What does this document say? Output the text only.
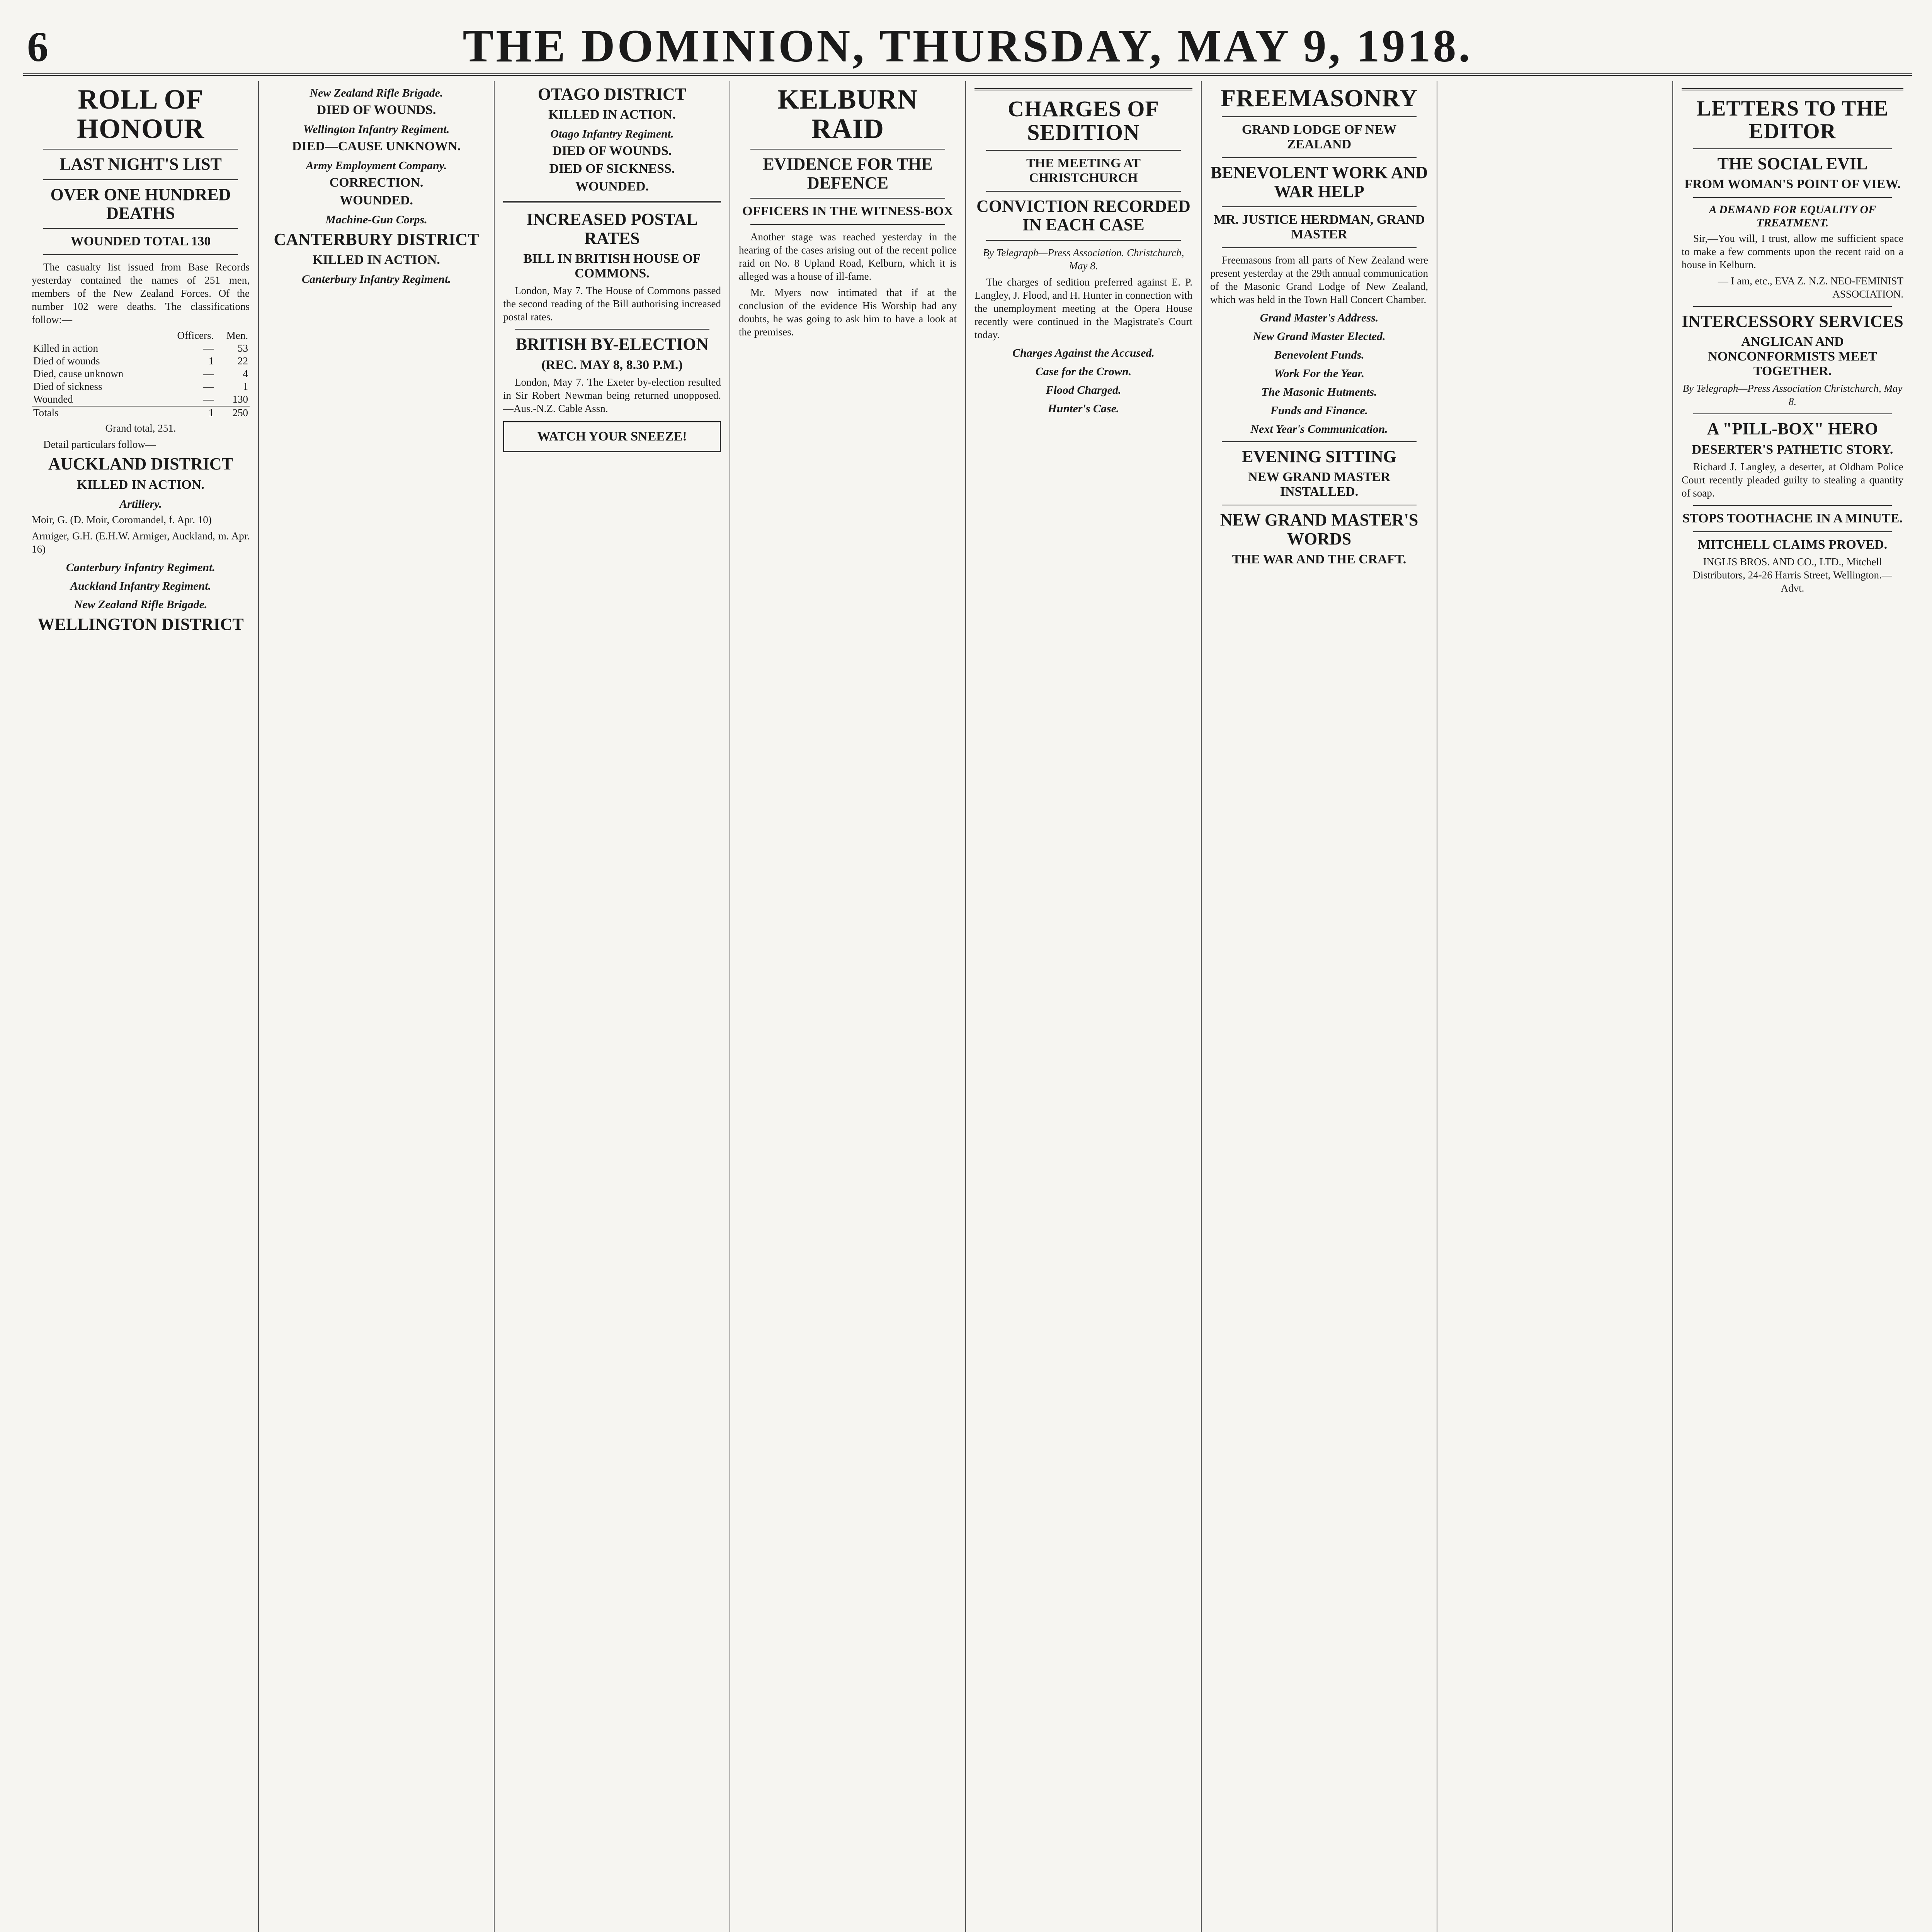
6	THE DOMINION, THURSDAY, MAY 9, 1918.
ROLL OF HONOUR
LAST NIGHT'S LIST
OVER ONE HUNDRED DEATHS
WOUNDED TOTAL 130

The casualty list issued from Base Records yesterday contained the names of 251 men, members of the New Zealand Forces. Of the number 102 were deaths. The classifications follow:—

	Officers.	Men.
Killed in action	—	53
Died of wounds	1	22
Died, cause unknown	—	4
Died of sickness	—	1
Wounded	—	130
Totals	1	250

Grand total, 251.

Detail particulars follow—

AUCKLAND DISTRICT
KILLED IN ACTION.
Artillery.

Moir, G. (D. Moir, Coromandel, f. Apr. 10)

Armiger, G.H. (E.H.W. Armiger, Auckland, m. Apr. 16)

Canterbury Infantry Regiment.
Auckland Infantry Regiment.
New Zealand Rifle Brigade.
WELLINGTON DISTRICT
New Zealand Rifle Brigade.
DIED OF WOUNDS.
Wellington Infantry Regiment.
DIED—CAUSE UNKNOWN.
Army Employment Company.
CORRECTION.
WOUNDED.
Machine-Gun Corps.
CANTERBURY DISTRICT
KILLED IN ACTION.
Canterbury Infantry Regiment.
OTAGO DISTRICT
KILLED IN ACTION.
Otago Infantry Regiment.
DIED OF WOUNDS.
DIED OF SICKNESS.
WOUNDED.
INCREASED POSTAL RATES
BILL IN BRITISH HOUSE OF COMMONS.

London, May 7. The House of Commons passed the second reading of the Bill authorising increased postal rates.

BRITISH BY-ELECTION
(REC. MAY 8, 8.30 P.M.)

London, May 7. The Exeter by-election resulted in Sir Robert Newman being returned unopposed.—Aus.-N.Z. Cable Assn.

WATCH YOUR SNEEZE!
KELBURN RAID
EVIDENCE FOR THE DEFENCE
OFFICERS IN THE WITNESS-BOX

Another stage was reached yesterday in the hearing of the cases arising out of the recent police raid on No. 8 Upland Road, Kelburn, which it is alleged was a house of ill-fame.

Mr. Myers now intimated that if at the conclusion of the evidence His Worship had any doubts, he was going to ask him to have a look at the premises.

CHARGES OF SEDITION
THE MEETING AT CHRISTCHURCH
CONVICTION RECORDED IN EACH CASE

By Telegraph—Press Association. Christchurch, May 8.

The charges of sedition preferred against E. P. Langley, J. Flood, and H. Hunter in connection with the unemployment meeting at the Opera House recently were continued in the Magistrate's Court today.

Charges Against the Accused.
Case for the Crown.
Flood Charged.
Hunter's Case.
FREEMASONRY
GRAND LODGE OF NEW ZEALAND
BENEVOLENT WORK AND WAR HELP
MR. JUSTICE HERDMAN, GRAND MASTER

Freemasons from all parts of New Zealand were present yesterday at the 29th annual communication of the Masonic Grand Lodge of New Zealand, which was held in the Town Hall Concert Chamber.

Grand Master's Address.
New Grand Master Elected.
Benevolent Funds.
Work For the Year.
The Masonic Hutments.
Funds and Finance.
Next Year's Communication.
EVENING SITTING
NEW GRAND MASTER INSTALLED.
NEW GRAND MASTER'S WORDS
THE WAR AND THE CRAFT.
LETTERS TO THE EDITOR
THE SOCIAL EVIL
FROM WOMAN'S POINT OF VIEW.
A DEMAND FOR EQUALITY OF TREATMENT.

Sir,—You will, I trust, allow me sufficient space to make a few comments upon the recent raid on a house in Kelburn.

— I am, etc., EVA Z. N.Z. NEO-FEMINIST ASSOCIATION.

INTERCESSORY SERVICES
ANGLICAN AND NONCONFORMISTS MEET TOGETHER.

By Telegraph—Press Association Christchurch, May 8.

A "PILL-BOX" HERO
DESERTER'S PATHETIC STORY.

Richard J. Langley, a deserter, at Oldham Police Court recently pleaded guilty to stealing a quantity of soap.

STOPS TOOTHACHE IN A MINUTE.
MITCHELL CLAIMS PROVED.

INGLIS BROS. AND CO., LTD., Mitchell Distributors, 24-26 Harris Street, Wellington.—Advt.
